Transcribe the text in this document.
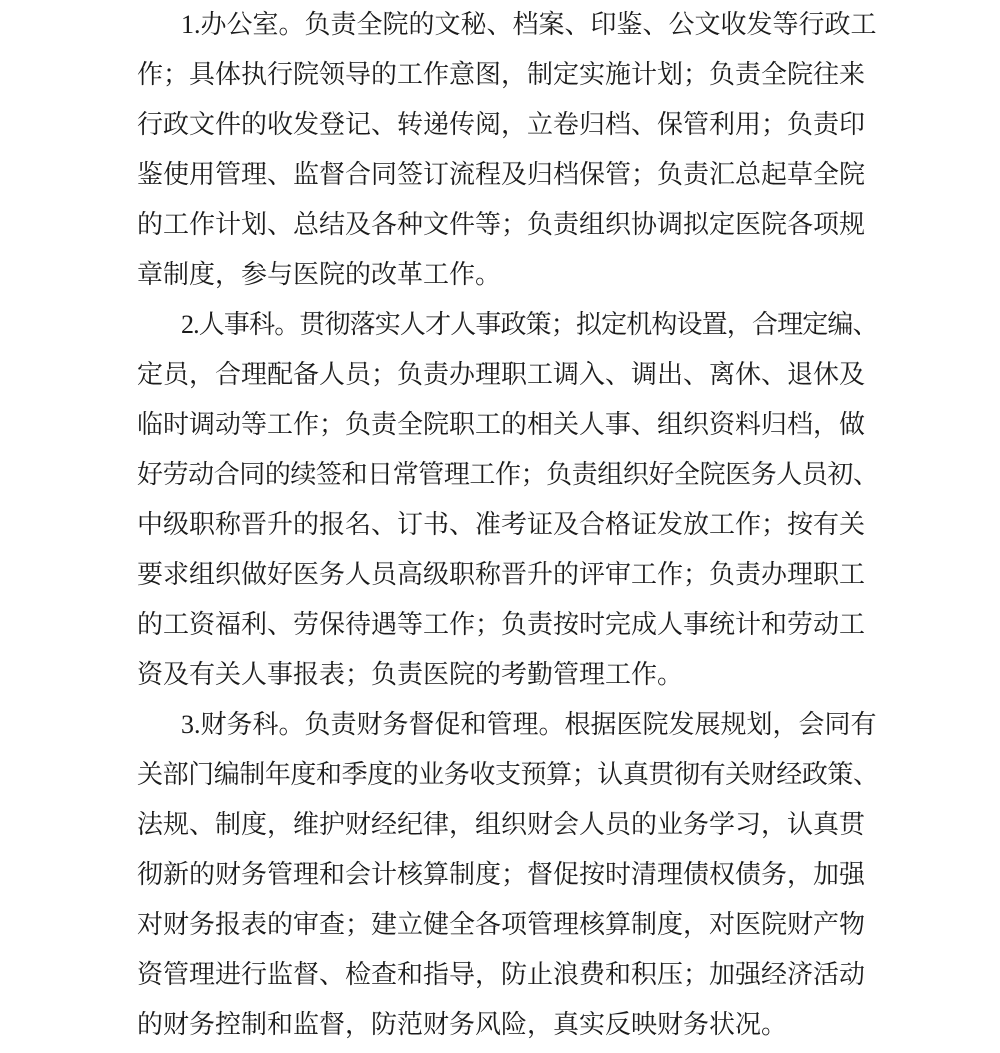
1.办公室。负责全院的文秘、档案、印鉴、公文收发等行政工
作；具体执行院领导的工作意图，制定实施计划；负责全院往来
行政文件的收发登记、转递传阅，立卷归档、保管利用；负责印
鉴使用管理、监督合同签订流程及归档保管；负责汇总起草全院
的工作计划、总结及各种文件等；负责组织协调拟定医院各项规
章制度，参与医院的改革工作。
2.人事科。贯彻落实人才人事政策；拟定机构设置，合理定编、
定员，合理配备人员；负责办理职工调入、调出、离休、退休及
临时调动等工作；负责全院职工的相关人事、组织资料归档，做
好劳动合同的续签和日常管理工作；负责组织好全院医务人员初、
中级职称晋升的报名、订书、准考证及合格证发放工作；按有关
要求组织做好医务人员高级职称晋升的评审工作；负责办理职工
的工资福利、劳保待遇等工作；负责按时完成人事统计和劳动工
资及有关人事报表；负责医院的考勤管理工作。
3.财务科。负责财务督促和管理。根据医院发展规划，会同有
关部门编制年度和季度的业务收支预算；认真贯彻有关财经政策、
法规、制度，维护财经纪律，组织财会人员的业务学习，认真贯
彻新的财务管理和会计核算制度；督促按时清理债权债务，加强
对财务报表的审查；建立健全各项管理核算制度，对医院财产物
资管理进行监督、检查和指导，防止浪费和积压；加强经济活动
的财务控制和监督，防范财务风险，真实反映财务状况。
